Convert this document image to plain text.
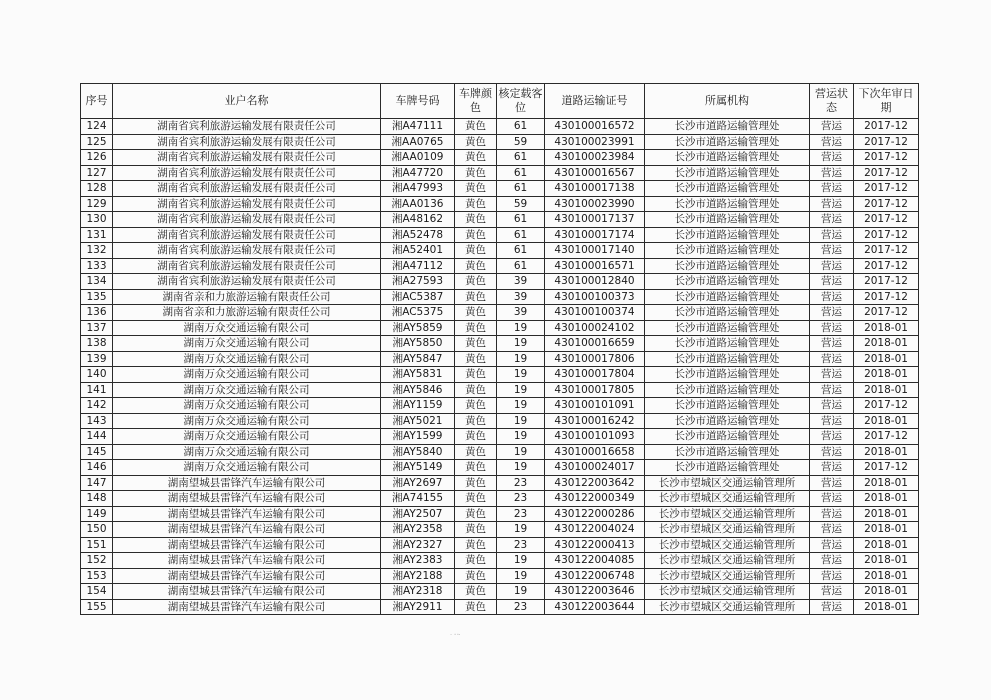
序号	业户名称	车牌号码	车牌颜色	核定载客位	道路运输证号	所属机构	营运状态	下次年审日期
124	湖南省宾利旅游运输发展有限责任公司	湘A47111	黄色	61	430100016572	长沙市道路运输管理处	营运	2017-12
125	湖南省宾利旅游运输发展有限责任公司	湘AA0765	黄色	59	430100023991	长沙市道路运输管理处	营运	2017-12
126	湖南省宾利旅游运输发展有限责任公司	湘AA0109	黄色	61	430100023984	长沙市道路运输管理处	营运	2017-12
127	湖南省宾利旅游运输发展有限责任公司	湘A47720	黄色	61	430100016567	长沙市道路运输管理处	营运	2017-12
128	湖南省宾利旅游运输发展有限责任公司	湘A47993	黄色	61	430100017138	长沙市道路运输管理处	营运	2017-12
129	湖南省宾利旅游运输发展有限责任公司	湘AA0136	黄色	59	430100023990	长沙市道路运输管理处	营运	2017-12
130	湖南省宾利旅游运输发展有限责任公司	湘A48162	黄色	61	430100017137	长沙市道路运输管理处	营运	2017-12
131	湖南省宾利旅游运输发展有限责任公司	湘A52478	黄色	61	430100017174	长沙市道路运输管理处	营运	2017-12
132	湖南省宾利旅游运输发展有限责任公司	湘A52401	黄色	61	430100017140	长沙市道路运输管理处	营运	2017-12
133	湖南省宾利旅游运输发展有限责任公司	湘A47112	黄色	61	430100016571	长沙市道路运输管理处	营运	2017-12
134	湖南省宾利旅游运输发展有限责任公司	湘A27593	黄色	39	430100012840	长沙市道路运输管理处	营运	2017-12
135	湖南省亲和力旅游运输有限责任公司	湘AC5387	黄色	39	430100100373	长沙市道路运输管理处	营运	2017-12
136	湖南省亲和力旅游运输有限责任公司	湘AC5375	黄色	39	430100100374	长沙市道路运输管理处	营运	2017-12
137	湖南万众交通运输有限公司	湘AY5859	黄色	19	430100024102	长沙市道路运输管理处	营运	2018-01
138	湖南万众交通运输有限公司	湘AY5850	黄色	19	430100016659	长沙市道路运输管理处	营运	2018-01
139	湖南万众交通运输有限公司	湘AY5847	黄色	19	430100017806	长沙市道路运输管理处	营运	2018-01
140	湖南万众交通运输有限公司	湘AY5831	黄色	19	430100017804	长沙市道路运输管理处	营运	2018-01
141	湖南万众交通运输有限公司	湘AY5846	黄色	19	430100017805	长沙市道路运输管理处	营运	2018-01
142	湖南万众交通运输有限公司	湘AY1159	黄色	19	430100101091	长沙市道路运输管理处	营运	2017-12
143	湖南万众交通运输有限公司	湘AY5021	黄色	19	430100016242	长沙市道路运输管理处	营运	2018-01
144	湖南万众交通运输有限公司	湘AY1599	黄色	19	430100101093	长沙市道路运输管理处	营运	2017-12
145	湖南万众交通运输有限公司	湘AY5840	黄色	19	430100016658	长沙市道路运输管理处	营运	2018-01
146	湖南万众交通运输有限公司	湘AY5149	黄色	19	430100024017	长沙市道路运输管理处	营运	2017-12
147	湖南望城县雷锋汽车运输有限公司	湘AY2697	黄色	23	430122003642	长沙市望城区交通运输管理所	营运	2018-01
148	湖南望城县雷锋汽车运输有限公司	湘A74155	黄色	23	430122000349	长沙市望城区交通运输管理所	营运	2018-01
149	湖南望城县雷锋汽车运输有限公司	湘AY2507	黄色	23	430122000286	长沙市望城区交通运输管理所	营运	2018-01
150	湖南望城县雷锋汽车运输有限公司	湘AY2358	黄色	19	430122004024	长沙市望城区交通运输管理所	营运	2018-01
151	湖南望城县雷锋汽车运输有限公司	湘AY2327	黄色	23	430122000413	长沙市望城区交通运输管理所	营运	2018-01
152	湖南望城县雷锋汽车运输有限公司	湘AY2383	黄色	19	430122004085	长沙市望城区交通运输管理所	营运	2018-01
153	湖南望城县雷锋汽车运输有限公司	湘AY2188	黄色	19	430122006748	长沙市望城区交通运输管理所	营运	2018-01
154	湖南望城县雷锋汽车运输有限公司	湘AY2318	黄色	19	430122003646	长沙市望城区交通运输管理所	营运	2018-01
155	湖南望城县雷锋汽车运输有限公司	湘AY2911	黄色	23	430122003644	长沙市望城区交通运输管理所	营运	2018-01
ᐧ᠂᠂ᐧ
